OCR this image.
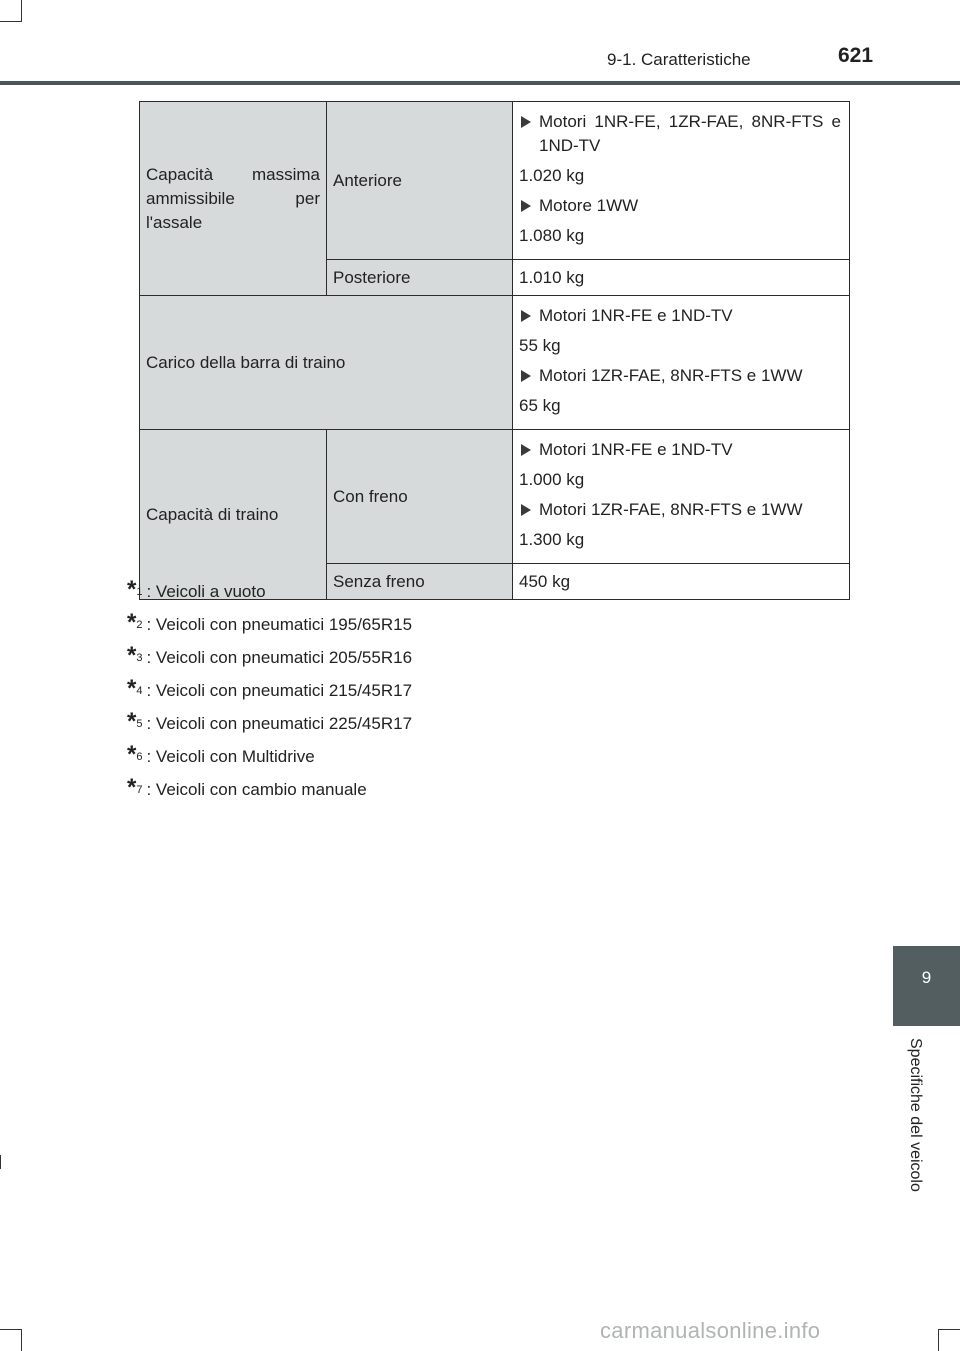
9-1. Caratteristiche	621
Capacità massima ammissibile per l'assale	Anteriore	Motori 1NR-FE, 1ZR-FAE, 8NR-FTS e 1ND-TV
1.020 kg
Motore 1WW
1.080 kg

	Posteriore	1.010 kg
Carico della barra di traino		Motori 1NR-FE e 1ND-TV
55 kg
Motori 1ZR-FAE, 8NR-FTS e 1WW
65 kg

Capacità di traino	Con freno	Motori 1NR-FE e 1ND-TV
1.000 kg
Motori 1ZR-FAE, 8NR-FTS e 1WW
1.300 kg

	Senza freno	450 kg
*$^1$ : Veicoli a vuoto
*$^2$ : Veicoli con pneumatici 195/65R15
*$^3$ : Veicoli con pneumatici 205/55R16
*$^4$ : Veicoli con pneumatici 215/45R17
*$^5$ : Veicoli con pneumatici 225/45R17
*$^6$ : Veicoli con Multidrive
*$^7$ : Veicoli con cambio manuale
9
Specifiche del veicolo
carmanualsonline.info
